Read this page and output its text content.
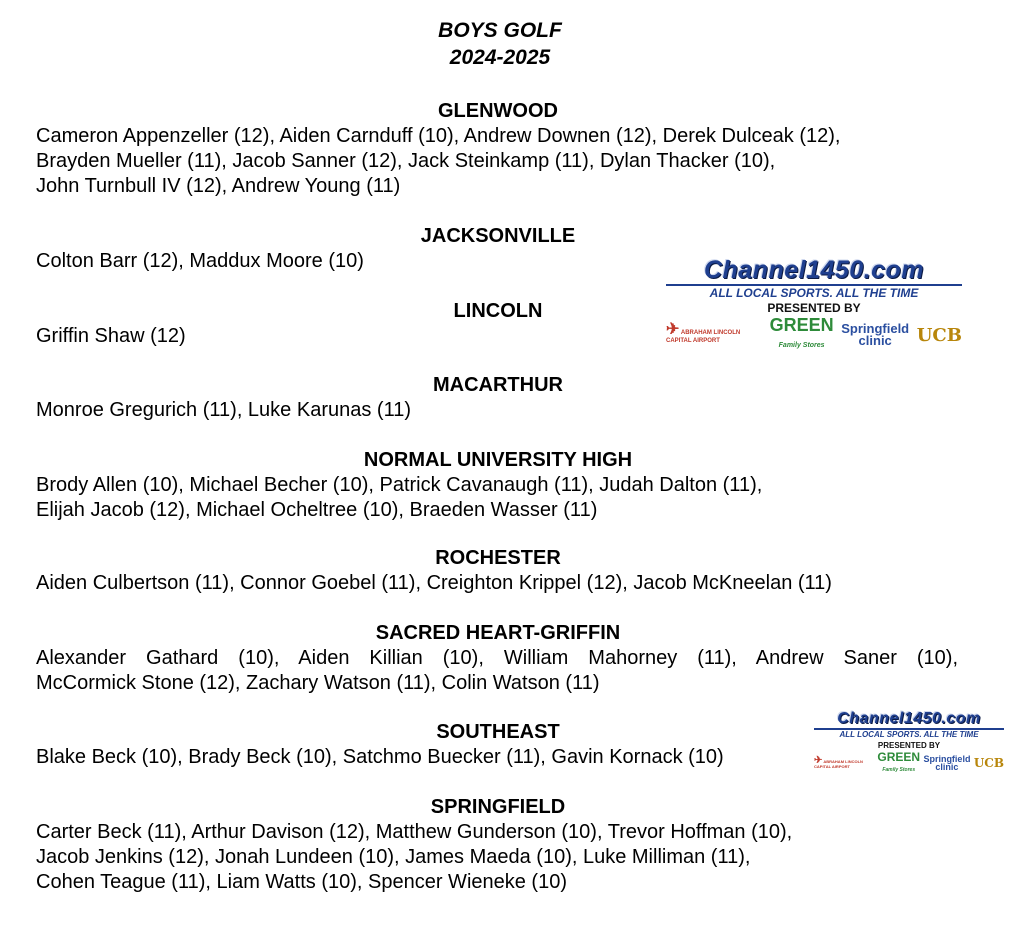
BOYS GOLF
2024-2025
GLENWOOD
Cameron Appenzeller (12), Aiden Carnduff (10), Andrew Downen (12), Derek Dulceak (12),
Brayden Mueller (11), Jacob Sanner (12), Jack Steinkamp (11), Dylan Thacker (10),
John Turnbull IV (12), Andrew Young (11)
JACKSONVILLE
Colton Barr (12), Maddux Moore (10)
LINCOLN
Griffin Shaw (12)
MACARTHUR
Monroe Gregurich (11), Luke Karunas (11)
NORMAL UNIVERSITY HIGH
Brody Allen (10), Michael Becher (10), Patrick Cavanaugh (11), Judah Dalton (11),
Elijah Jacob (12), Michael Ocheltree (10), Braeden Wasser (11)
ROCHESTER
Aiden Culbertson (11), Connor Goebel (11), Creighton Krippel (12), Jacob McKneelan (11)
SACRED HEART-GRIFFIN
Alexander Gathard (10), Aiden Killian (10), William Mahorney (11), Andrew Saner (10),
McCormick Stone (12), Zachary Watson (11), Colin Watson (11)
SOUTHEAST
Blake Beck (10), Brady Beck (10), Satchmo Buecker (11), Gavin Kornack (10)
SPRINGFIELD
Carter Beck (11), Arthur Davison (12), Matthew Gunderson (10), Trevor Hoffman (10),
Jacob Jenkins (12), Jonah Lundeen (10), James Maeda (10), Luke Milliman (11),
Cohen Teague (11), Liam Watts (10), Spencer Wieneke (10)
Channel1450.com
ALL LOCAL SPORTS. ALL THE TIME
PRESENTED BY
✈ ABRAHAM LINCOLN CAPITAL AIRPORT
GREEN
Family Stores
Springfield
clinic	UCB
Channel1450.com
ALL LOCAL SPORTS. ALL THE TIME
PRESENTED BY
✈ ABRAHAM LINCOLN CAPITAL AIRPORT
GREEN
Family Stores
Springfield
clinic	UCB
